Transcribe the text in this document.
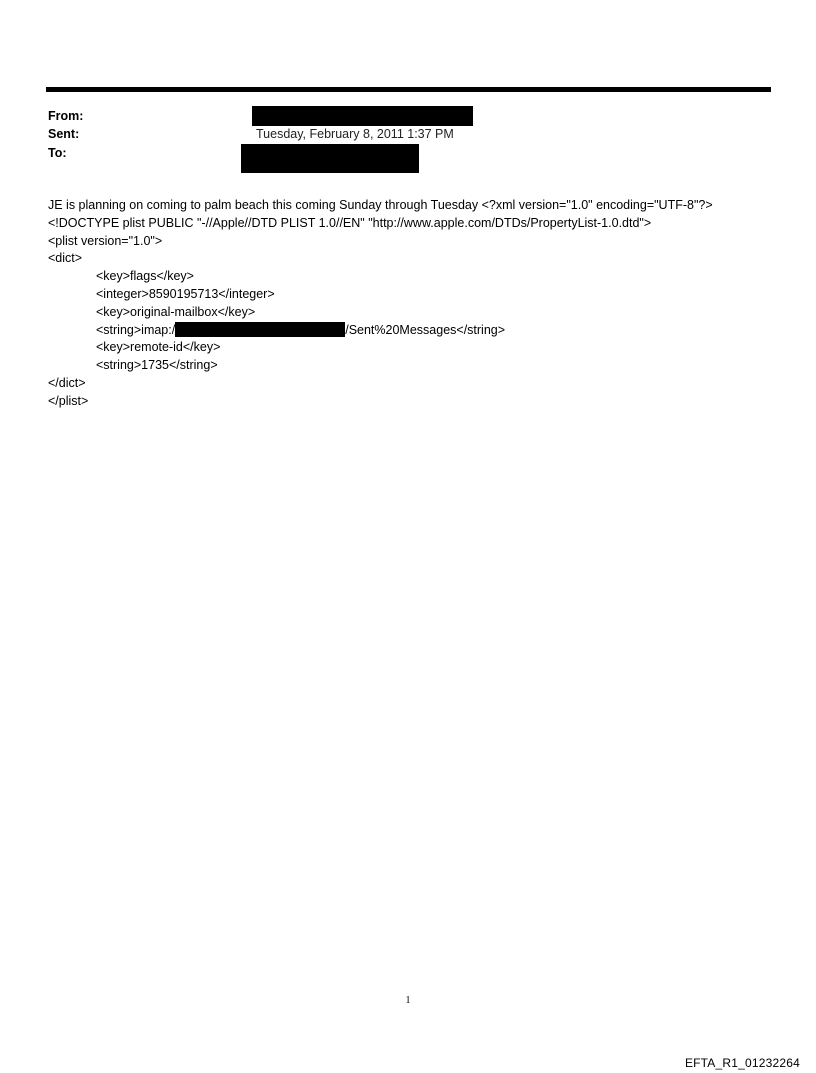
From:
Sent:	Tuesday, February 8, 2011 1:37 PM
To:
JE is planning on coming to palm beach this coming Sunday through Tuesday <?xml version="1.0" encoding="UTF-8"?>
<!DOCTYPE plist PUBLIC "-//Apple//DTD PLIST 1.0//EN" "http://www.apple.com/DTDs/PropertyList-1.0.dtd">
<plist version="1.0">
<dict>
<key>flags</key>
<integer>8590195713</integer>
<key>original-mailbox</key>
<string>imap:/	/Sent%20Messages</string>
<key>remote-id</key>
<string>1735</string>
</dict>
</plist>
1
EFTA_R1_01232264
